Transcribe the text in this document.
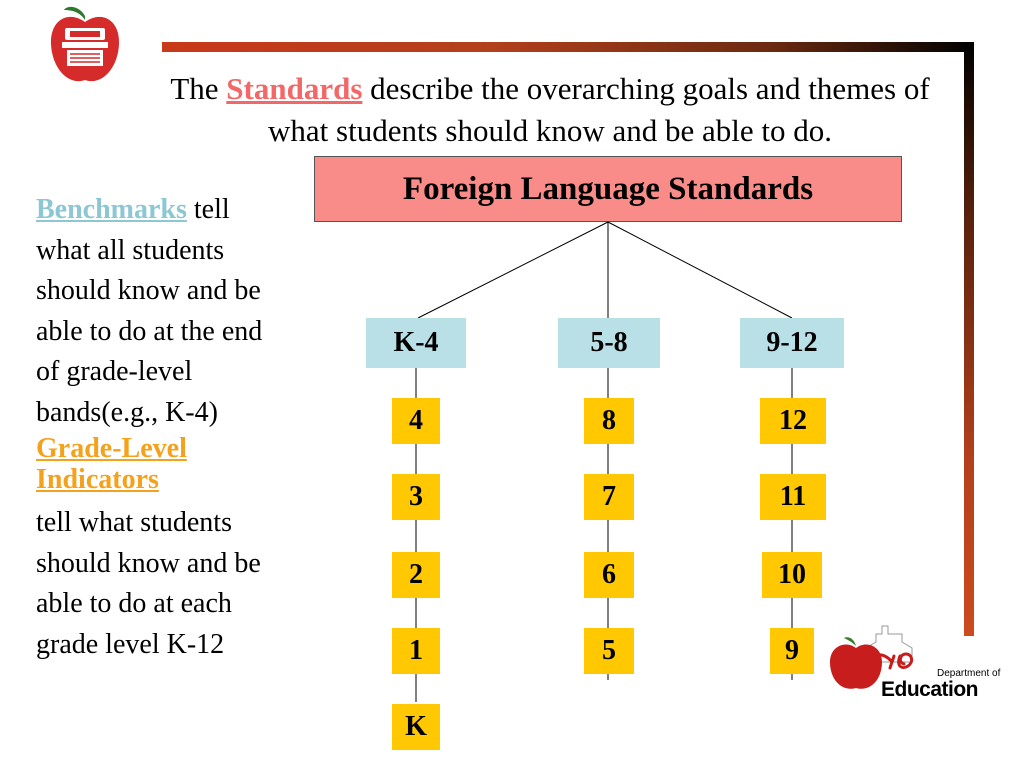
The Standards describe the overarching goals and themes of what students should know and be able to do.
Foreign Language Standards
Benchmarks tell what all students should know and be able to do at the end of grade-level bands(e.g., K-4)
Grade-Level Indicators
tell what students should know and be able to do at each grade level K-12
K-4
4
3
2
1
K
5-8
8
7
6
5
9-12
12
11
10
9
Department of
Education
